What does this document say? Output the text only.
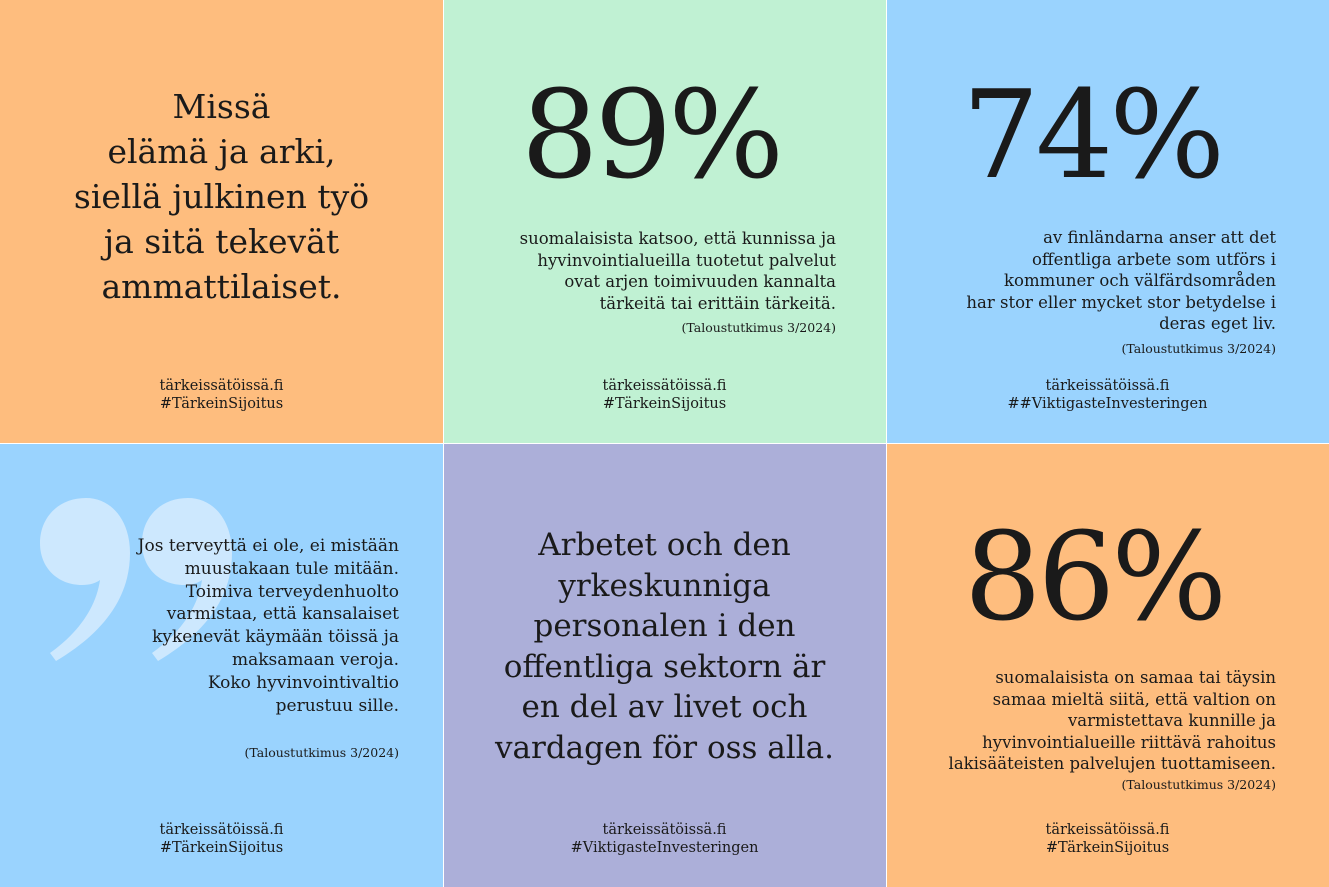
Missä
elämä ja arki,
siellä julkinen työ
ja sitä tekevät
ammattilaiset.
tärkeissätöissä.fi
#TärkeinSijoitus
89%
suomalaisista katsoo, että kunnissa ja
hyvinvointialueilla tuotetut palvelut
ovat arjen toimivuuden kannalta
tärkeitä tai erittäin tärkeitä.
(Taloustutkimus 3/2024)
tärkeissätöissä.fi
#TärkeinSijoitus
74%
av finländarna anser att det
offentliga arbete som utförs i
kommuner och välfärdsområden
har stor eller mycket stor betydelse i
deras eget liv.
(Taloustutkimus 3/2024)
tärkeissätöissä.fi
##ViktigasteInvesteringen
Jos terveyttä ei ole, ei mistään
muustakaan tule mitään.
Toimiva terveydenhuolto
varmistaa, että kansalaiset
kykenevät käymään töissä ja
maksamaan veroja.
Koko hyvinvointivaltio
perustuu sille.
(Taloustutkimus 3/2024)
tärkeissätöissä.fi
#TärkeinSijoitus
Arbetet och den
yrkeskunniga
personalen i den
offentliga sektorn är
en del av livet och
vardagen för oss alla.
tärkeissätöissä.fi
#ViktigasteInvesteringen
86%
suomalaisista on samaa tai täysin
samaa mieltä siitä, että valtion on
varmistettava kunnille ja
hyvinvointialueille riittävä rahoitus
lakisääteisten palvelujen tuottamiseen.
(Taloustutkimus 3/2024)
tärkeissätöissä.fi
#TärkeinSijoitus
